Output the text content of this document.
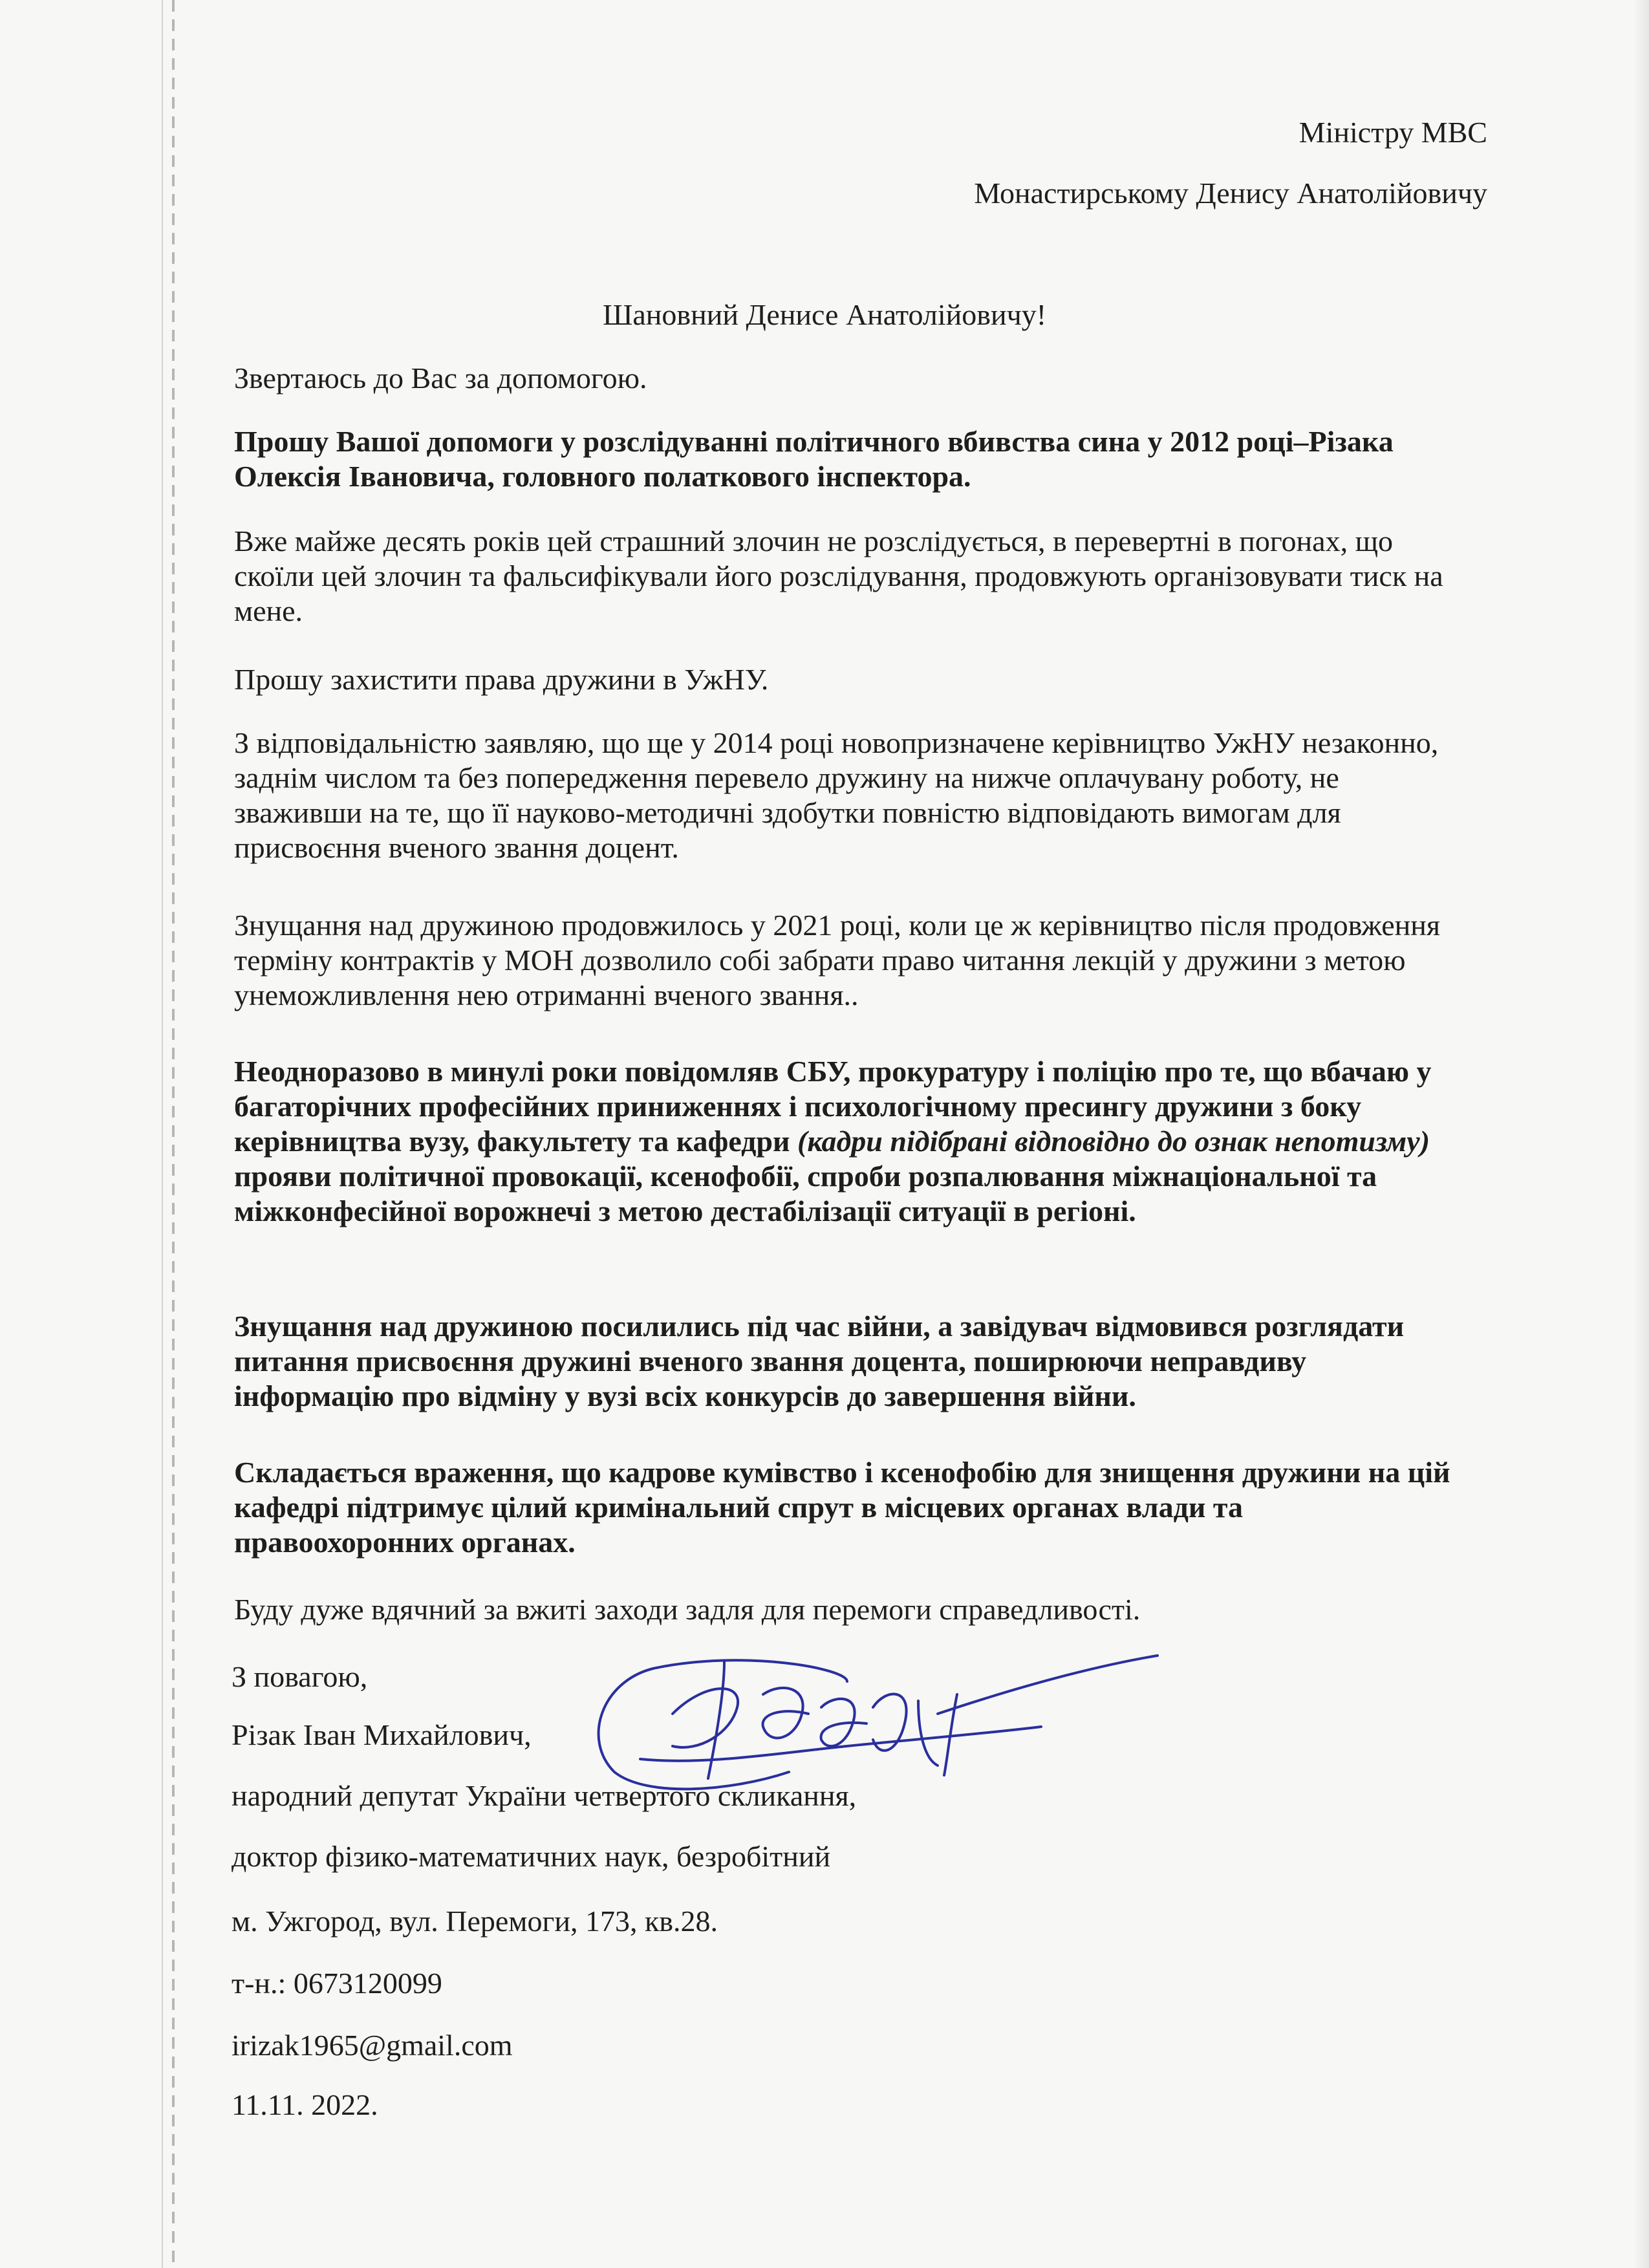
Міністру МВС
Монастирському Денису Анатолійовичу
Шановний Денисе Анатолійовичу!

Звертаюсь до Вас за допомогою.

Прошу Вашої допомоги у розслідуванні політичного вбивства сина у 2012 році–Різака Олексія Івановича, головного полаткового інспектора.

Вже майже десять років цей страшний злочин не розслідується, в перевертні в погонах, що скоїли цей злочин та фальсифікували його розслідування, продовжують організовувати тиск на мене.

Прошу захистити права дружини в УжНУ.

З відповідальністю заявляю, що ще у 2014 році новопризначене керівництво УжНУ незаконно, заднім числом та без попередження перевело дружину на нижче оплачувану роботу, не зваживши на те, що її науково-методичні здобутки повністю відповідають вимогам для присвоєння вченого звання доцент.

Знущання над дружиною продовжилось у 2021 році, коли це ж керівництво після продовження терміну контрактів у МОН дозволило собі забрати право читання лекцій у дружини з метою унеможливлення нею отриманні вченого звання..

Неодноразово в минулі роки повідомляв СБУ, прокуратуру і поліцію про те, що вбачаю у багаторічних професійних приниженнях і психологічному пресингу дружини з боку керівництва вузу, факультету та кафедри (кадри підібрані відповідно до ознак непотизму) прояви політичної провокації, ксенофобії, спроби розпалювання міжнаціональної та міжконфесійної ворожнечі з метою дестабілізації ситуації в регіоні.

Знущання над дружиною посилились під час війни, а завідувач відмовився розглядати питання присвоєння дружині вченого звання доцента, поширюючи неправдиву інформацію про відміну у вузі всіх конкурсів до завершення війни.

Складається враження, що кадрове кумівство і ксенофобію для знищення дружини на цій кафедрі підтримує цілий кримінальний спрут в місцевих органах влади та правоохоронних органах.

Буду дуже вдячний за вжиті заходи задля для перемоги справедливості.

З повагою,
Різак Іван Михайлович,
народний депутат України четвертого скликання,
доктор фізико-математичних наук, безробітний
м. Ужгород, вул. Перемоги, 173, кв.28.
т-н.: 0673120099
irizak1965@gmail.com
11.11. 2022.
